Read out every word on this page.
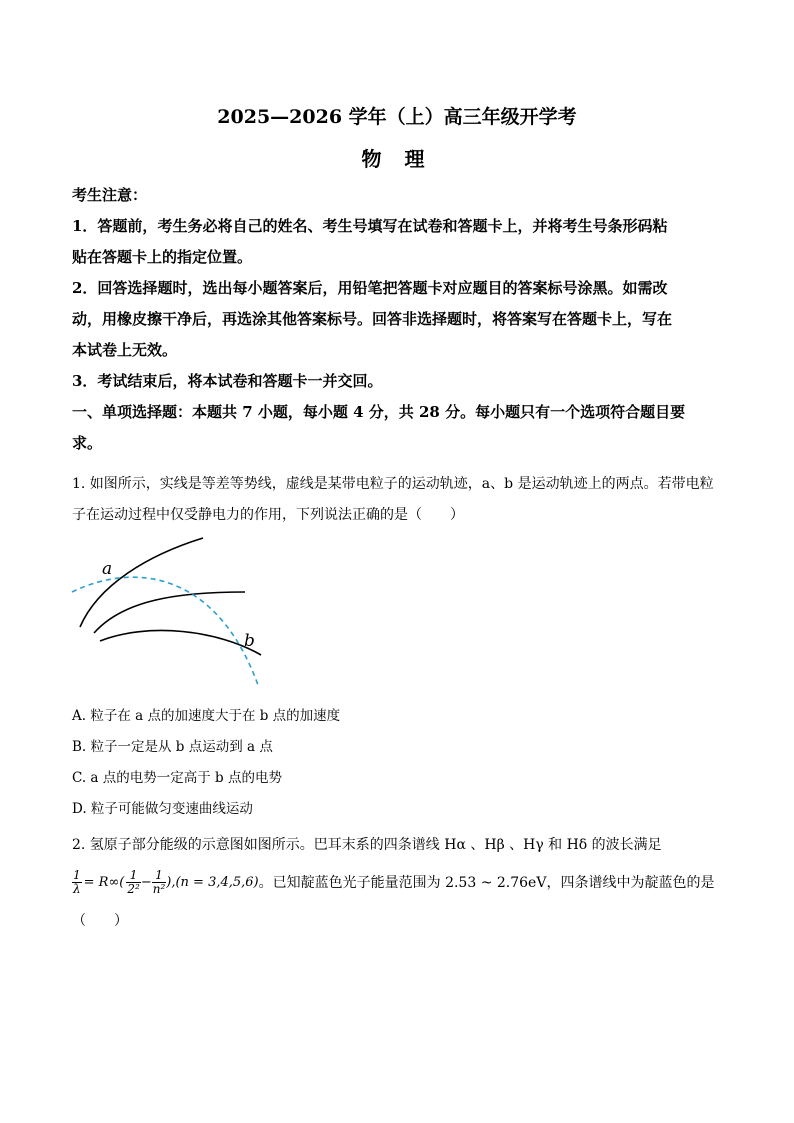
2025—2026 学年（上）高三年级开学考
物 理
考生注意：
1．答题前，考生务必将自己的姓名、考生号填写在试卷和答题卡上，并将考生号条形码粘
贴在答题卡上的指定位置。
2．回答选择题时，选出每小题答案后，用铅笔把答题卡对应题目的答案标号涂黑。如需改
动，用橡皮擦干净后，再选涂其他答案标号。回答非选择题时，将答案写在答题卡上，写在
本试卷上无效。
3．考试结束后，将本试卷和答题卡一并交回。
一、单项选择题：本题共 7 小题，每小题 4 分，共 28 分。每小题只有一个选项符合题目要
求。
1. 如图所示，实线是等差等势线，虚线是某带电粒子的运动轨迹，a、b 是运动轨迹上的两点。若带电粒
子在运动过程中仅受静电力的作用，下列说法正确的是（　　）
a
b
A. 粒子在 a 点的加速度大于在 b 点的加速度
B. 粒子一定是从 b 点运动到 a 点
C. a 点的电势一定高于 b 点的电势
D. 粒子可能做匀变速曲线运动
2. 氢原子部分能级的示意图如图所示。巴耳末系的四条谱线 Hα 、Hβ 、Hγ 和 Hδ 的波长满足
$\frac{1}{\lambda} = R\infty( \frac{1}{\text{2²}} - \frac{1}{\text{n²}} ),(n = 3,4,5,6)$ 。已知靛蓝色光子能量范围为 2.53 ~ 2.76eV，四条谱线中为靛蓝色的是
（　　）
